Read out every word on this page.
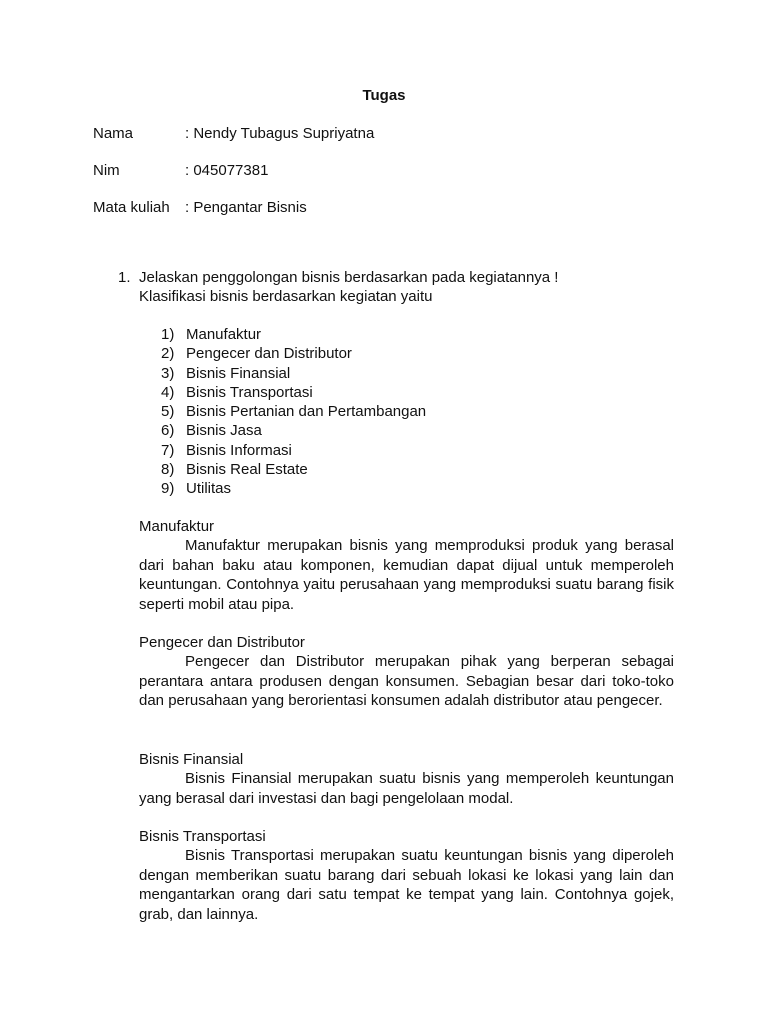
Tugas
Nama	: Nendy Tubagus Supriyatna
Nim	: 045077381
Mata kuliah : Pengantar Bisnis
1. Jelaskan penggolongan bisnis berdasarkan pada kegiatannya !
Klasifikasi bisnis berdasarkan kegiatan yaitu
1) Manufaktur
2) Pengecer dan Distributor
3) Bisnis Finansial
4) Bisnis Transportasi
5) Bisnis Pertanian dan Pertambangan
6) Bisnis Jasa
7) Bisnis Informasi
8) Bisnis Real Estate
9) Utilitas
Manufaktur
Manufaktur merupakan bisnis yang memproduksi produk yang berasal dari bahan baku atau komponen, kemudian dapat dijual untuk memperoleh keuntungan. Contohnya yaitu perusahaan yang memproduksi suatu barang fisik seperti mobil atau pipa.
Pengecer dan Distributor
Pengecer dan Distributor merupakan pihak yang berperan sebagai perantara antara produsen dengan konsumen. Sebagian besar dari toko-toko dan perusahaan yang berorientasi konsumen adalah distributor atau pengecer.
Bisnis Finansial
Bisnis Finansial merupakan suatu bisnis yang memperoleh keuntungan yang berasal dari investasi dan bagi pengelolaan modal.
Bisnis Transportasi
Bisnis Transportasi merupakan suatu keuntungan bisnis yang diperoleh dengan memberikan suatu barang dari sebuah lokasi ke lokasi yang lain dan mengantarkan orang dari satu tempat ke tempat yang lain. Contohnya gojek, grab, dan lainnya.
